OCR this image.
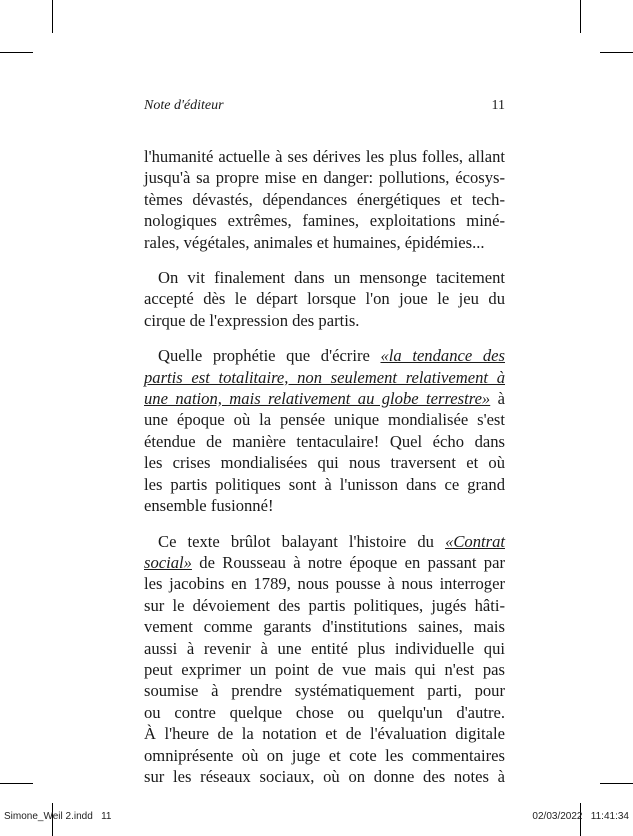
Note d'éditeur	11

l'humanité actuelle à ses dérives les plus folles, allant
jusqu'à sa propre mise en danger: pollutions, écosys-
tèmes dévastés, dépendances énergétiques et tech-
nologiques extrêmes, famines, exploitations miné-
rales, végétales, animales et humaines, épidémies...

On vit finalement dans un mensonge tacitement
accepté dès le départ lorsque l'on joue le jeu du
cirque de l'expression des partis.

Quelle prophétie que d'écrire «la tendance des
partis est totalitaire, non seulement relativement à
une nation, mais relativement au globe terrestre» à
une époque où la pensée unique mondialisée s'est
étendue de manière tentaculaire! Quel écho dans
les crises mondialisées qui nous traversent et où
les partis politiques sont à l'unisson dans ce grand
ensemble fusionné!

Ce texte brûlot balayant l'histoire du «Contrat
social» de Rousseau à notre époque en passant par
les jacobins en 1789, nous pousse à nous interroger
sur le dévoiement des partis politiques, jugés hâti-
vement comme garants d'institutions saines, mais
aussi à revenir à une entité plus individuelle qui
peut exprimer un point de vue mais qui n'est pas
soumise à prendre systématiquement parti, pour
ou contre quelque chose ou quelqu'un d'autre.
À l'heure de la notation et de l'évaluation digitale
omniprésente où on juge et cote les commentaires
sur les réseaux sociaux, où on donne des notes à

Simone_Weil 2.indd   11	02/03/2022   11:41:34
